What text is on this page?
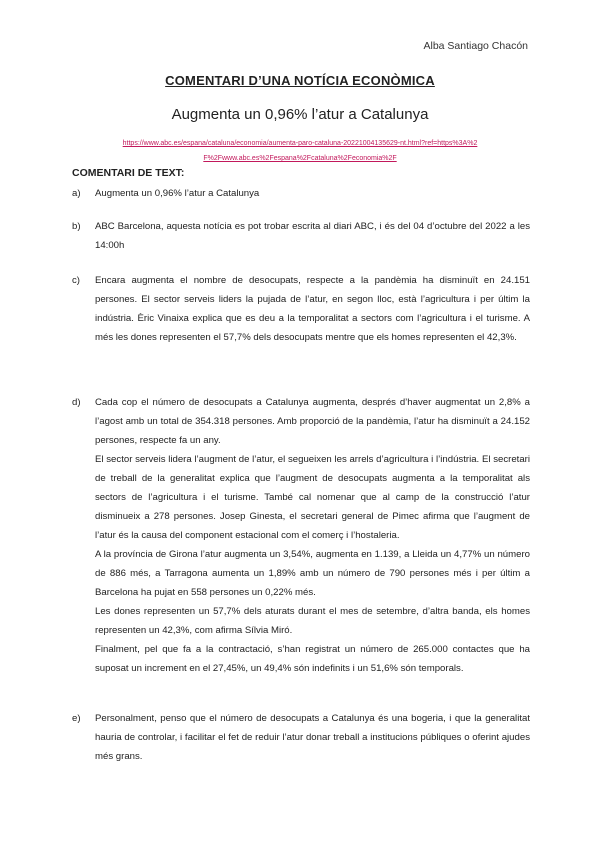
Alba Santiago Chacón
COMENTARI D’UNA NOTÍCIA ECONÒMICA
Augmenta un 0,96% l’atur a Catalunya
https://www.abc.es/espana/cataluna/economia/aumenta-paro-cataluna-20221004135629-nt.html?ref=https%3A%2
F%2Fwww.abc.es%2Fespana%2Fcataluna%2Feconomia%2F
COMENTARI DE TEXT:
a)	Augmenta un 0,96% l’atur a Catalunya

b)	ABC Barcelona, aquesta notícia es pot trobar escrita al diari ABC, i és del 04 d’octubre del 2022 a les 14:00h

c)	Encara augmenta el nombre de desocupats, respecte a la pandèmia ha disminuït en 24.151 persones. El sector serveis liders la pujada de l’atur, en segon lloc, està l’agricultura i per últim la indústria. Èric Vinaixa explica que es deu a la temporalitat a sectors com l’agricultura i el turisme. A més les dones representen el 57,7% dels desocupats mentre que els homes representen el 42,3%.

d)	Cada cop el número de desocupats a Catalunya augmenta, després d’haver augmentat un 2,8% a l’agost amb un total de 354.318 persones. Amb proporció de la pandèmia, l’atur ha disminuït a 24.152 persones, respecte fa un any.

El sector serveis lidera l’augment de l’atur, el segueixen les arrels d’agricultura i l’indústria. El secretari de treball de la generalitat explica que l’augment de desocupats augmenta a la temporalitat als sectors de l’agricultura i el turisme. També cal nomenar que al camp de la construcció l’atur disminueix a 278 persones. Josep Ginesta, el secretari general de Pimec afirma que l’augment de l’atur és la causa del component estacional com el comerç i l’hostaleria.

A la província de Girona l’atur augmenta un 3,54%, augmenta en 1.139, a Lleida un 4,77% un número de 886 més, a Tarragona aumenta un 1,89% amb un número de 790 persones més i per últim a Barcelona ha pujat en 558 persones un 0,22% més.

Les dones representen un 57,7% dels aturats durant el mes de setembre, d’altra banda, els homes representen un 42,3%, com afirma Sílvia Miró.

Finalment, pel que fa a la contractació, s’han registrat un número de 265.000 contactes que ha suposat un increment en el 27,45%, un 49,4% són indefinits i un 51,6% són temporals.

e)	Personalment, penso que el número de desocupats a Catalunya és una bogeria, i que la generalitat hauria de controlar, i facilitar el fet de reduir l’atur donar treball a institucions públiques o oferint ajudes més grans.
